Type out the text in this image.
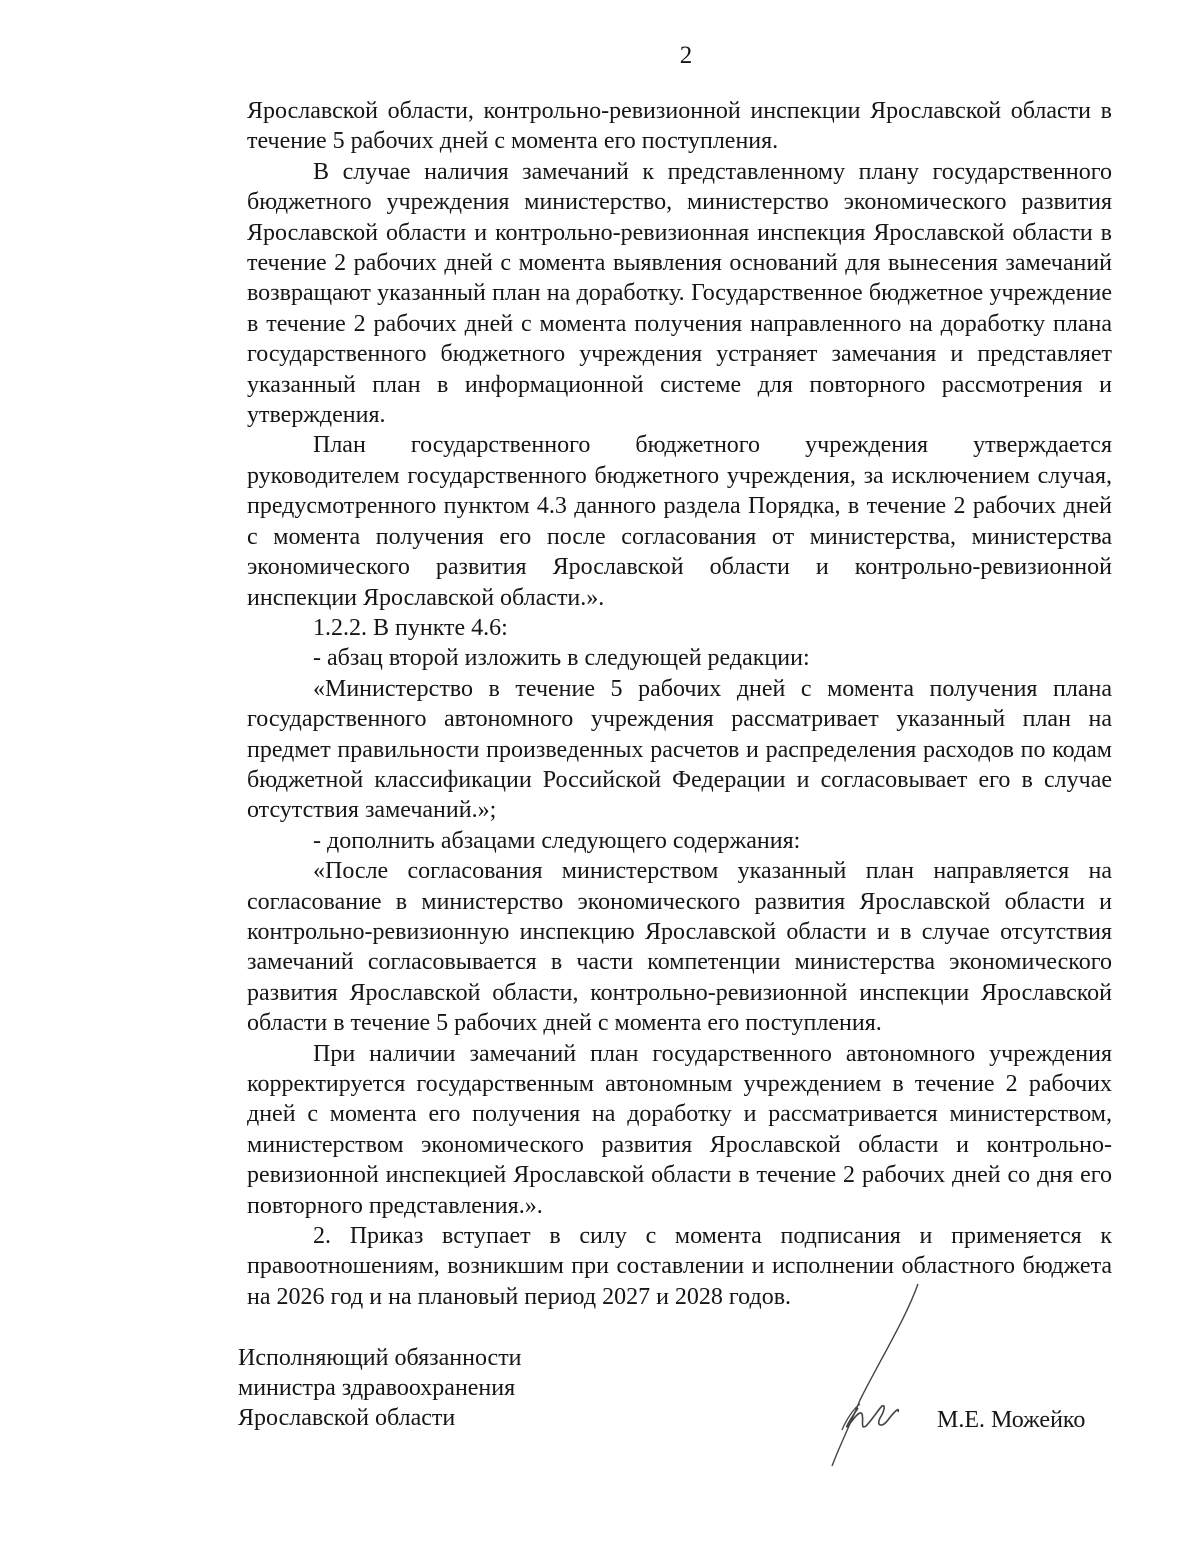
2

Ярославской области, контрольно-ревизионной инспекции Ярославской области в течение 5 рабочих дней с момента его поступления.

В случае наличия замечаний к представленному плану государственного бюджетного учреждения министерство, министерство экономического развития Ярославской области и контрольно-ревизионная инспекция Ярославской области в течение 2 рабочих дней с момента выявления оснований для вынесения замечаний возвращают указанный план на доработку. Государственное бюджетное учреждение в течение 2 рабочих дней с момента получения направленного на доработку плана государственного бюджетного учреждения устраняет замечания и представляет указанный план в информационной системе для повторного рассмотрения и утверждения.

План государственного бюджетного учреждения утверждается руководителем государственного бюджетного учреждения, за исключением случая, предусмотренного пунктом 4.3 данного раздела Порядка, в течение 2 рабочих дней с момента получения его после согласования от министерства, министерства экономического развития Ярославской области и контрольно-ревизионной инспекции Ярославской области.».

1.2.2. В пункте 4.6:

- абзац второй изложить в следующей редакции:

«Министерство в течение 5 рабочих дней с момента получения плана государственного автономного учреждения рассматривает указанный план на предмет правильности произведенных расчетов и распределения расходов по кодам бюджетной классификации Российской Федерации и согласовывает его в случае отсутствия замечаний.»;

- дополнить абзацами следующего содержания:

«После согласования министерством указанный план направляется на согласование в министерство экономического развития Ярославской области и контрольно-ревизионную инспекцию Ярославской области и в случае отсутствия замечаний согласовывается в части компетенции министерства экономического развития Ярославской области, контрольно-ревизионной инспекции Ярославской области в течение 5 рабочих дней с момента его поступления.

При наличии замечаний план государственного автономного учреждения корректируется государственным автономным учреждением в течение 2 рабочих дней с момента его получения на доработку и рассматривается министерством, министерством экономического развития Ярославской области и контрольно-ревизионной инспекцией Ярославской области в течение 2 рабочих дней со дня его повторного представления.».

2. Приказ вступает в силу с момента подписания и применяется к правоотношениям, возникшим при составлении и исполнении областного бюджета на 2026 год и на плановый период 2027 и 2028 годов.

Исполняющий обязанности
министра здравоохранения
Ярославской области	М.Е. Можейко
